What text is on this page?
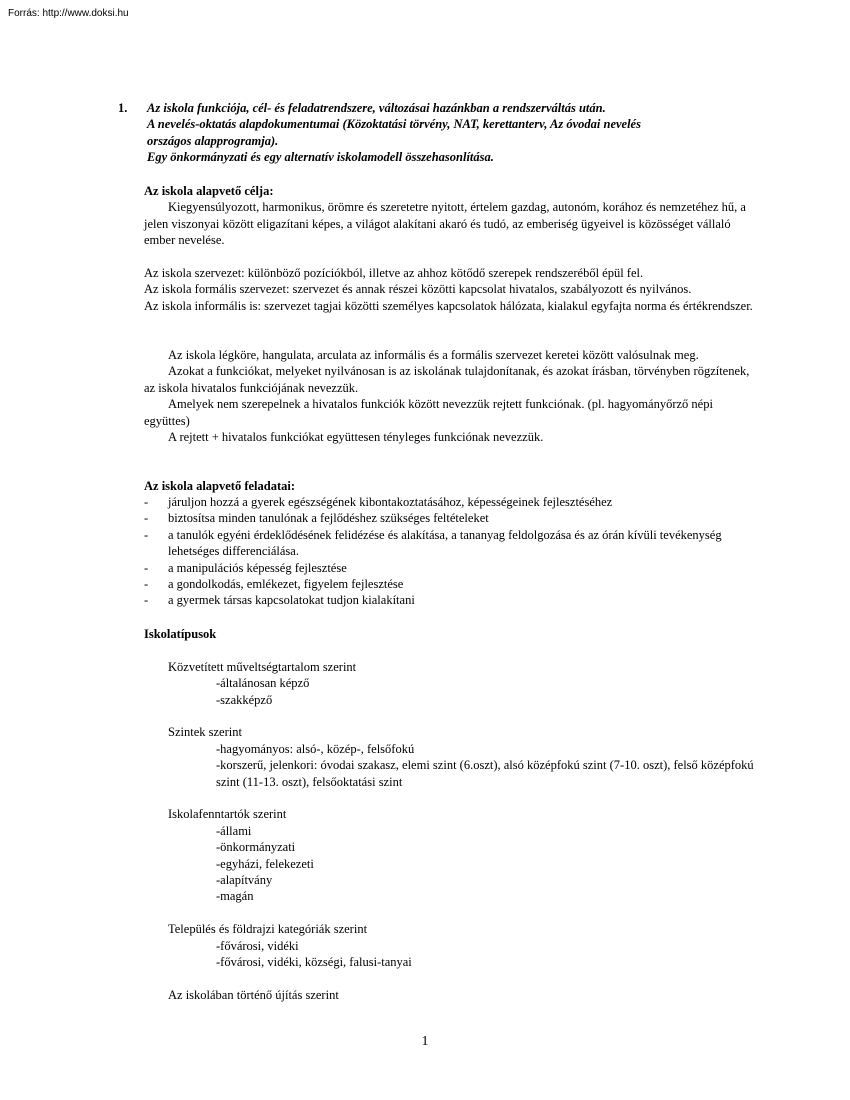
Forrás: http://www.doksi.hu
1. Az iskola funkciója, cél- és feladatrendszere, változásai hazánkban a rendszerváltás után.
A nevelés-oktatás alapdokumentumai (Közoktatási törvény, NAT, kerettanterv, Az óvodai nevelés
országos alapprogramja).
Egy önkormányzati és egy alternatív iskolamodell összehasonlítása.

Az iskola alapvető célja:

Kiegyensúlyozott, harmonikus, örömre és szeretetre nyitott, értelem gazdag, autonóm, korához és nemzetéhez hű, a jelen viszonyai között eligazítani képes, a világot alakítani akaró és tudó, az emberiség ügyeivel is közösséget vállaló ember nevelése.

Az iskola szervezet: különböző pozíciókból, illetve az ahhoz kötődő szerepek rendszeréből épül fel.

Az iskola formális szervezet: szervezet és annak részei közötti kapcsolat hivatalos, szabályozott és nyilvános.

Az iskola informális is: szervezet tagjai közötti személyes kapcsolatok hálózata, kialakul egyfajta norma és értékrendszer.

Az iskola légköre, hangulata, arculata az informális és a formális szervezet keretei között valósulnak meg.

Azokat a funkciókat, melyeket nyilvánosan is az iskolának tulajdonítanak, és azokat írásban, törvényben rögzítenek, az iskola hivatalos funkciójának nevezzük.

Amelyek nem szerepelnek a hivatalos funkciók között nevezzük rejtett funkciónak. (pl. hagyományőrző népi együttes)

A rejtett + hivatalos funkciókat együttesen tényleges funkciónak nevezzük.

Az iskola alapvető feladatai:

- járuljon hozzá a gyerek egészségének kibontakoztatásához, képességeinek fejlesztéséhez
- biztosítsa minden tanulónak a fejlődéshez szükséges feltételeket
- a tanulók egyéni érdeklődésének felidézése és alakítása, a tananyag feldolgozása és az órán kívüli tevékenység lehetséges differenciálása.
- a manipulációs képesség fejlesztése
- a gondolkodás, emlékezet, figyelem fejlesztése
- a gyermek társas kapcsolatokat tudjon kialakítani

Iskolatípusok

Közvetített műveltségtartalom szerint

-általánosan képző

-szakképző

Szintek szerint

-hagyományos: alsó-, közép-, felsőfokú

-korszerű, jelenkori: óvodai szakasz, elemi szint (6.oszt), alsó középfokú szint (7-10. oszt), felső középfokú szint (11-13. oszt), felsőoktatási szint

Iskolafenntartók szerint

-állami

-önkormányzati

-egyházi, felekezeti

-alapítvány

-magán

Település és földrajzi kategóriák szerint

-fővárosi, vidéki

-fővárosi, vidéki, községi, falusi-tanyai

Az iskolában történő újítás szerint

1
